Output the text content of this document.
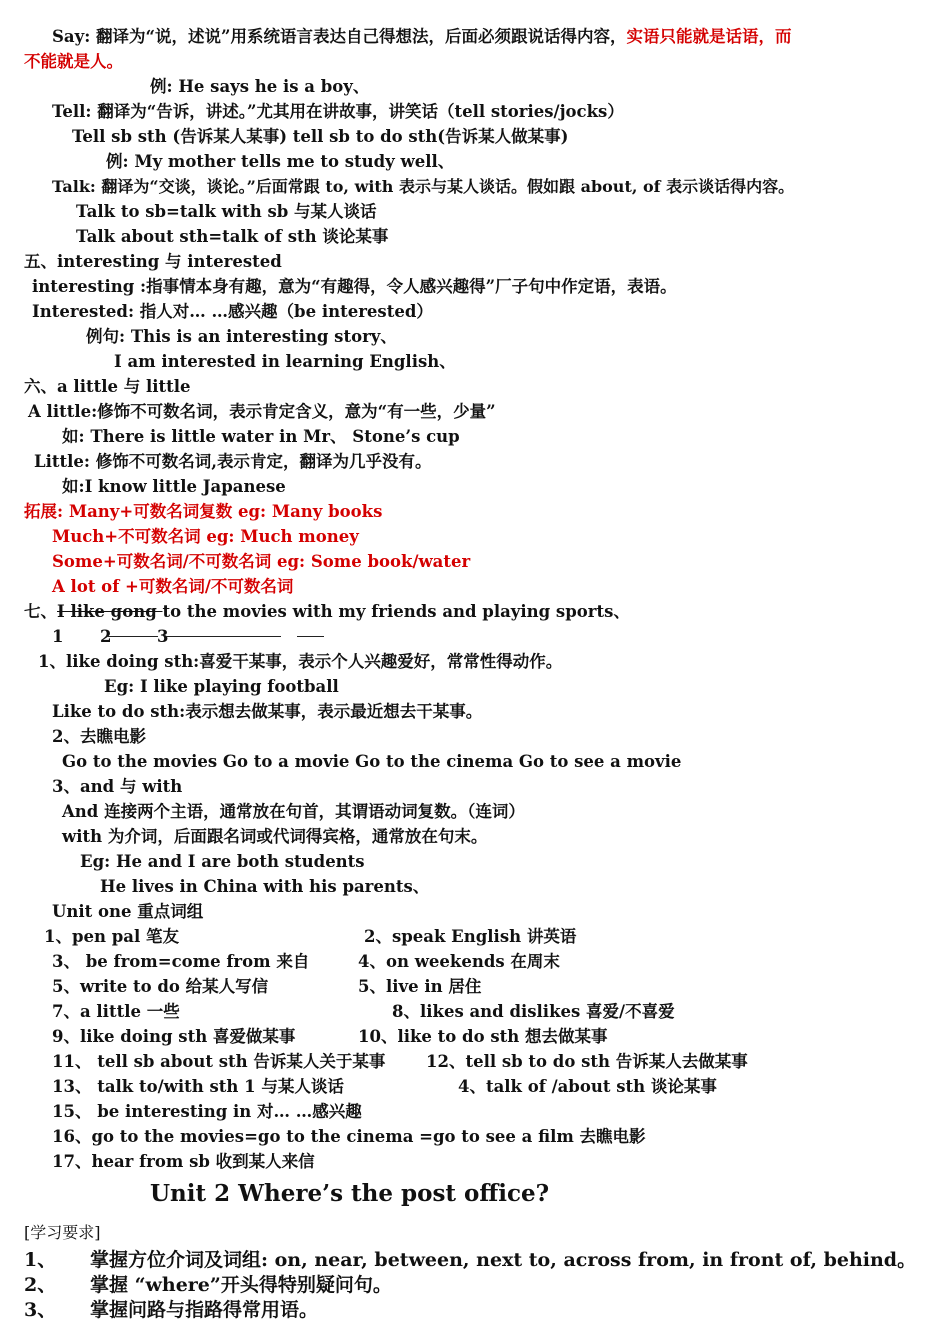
Say: 翻译为“说，述说”用系统语言表达自己得想法，后面必须跟说话得内容，实语只能就是话语，而
不能就是人。
例: He says he is a boy、
Tell: 翻译为“告诉，讲述。”尤其用在讲故事，讲笑话（tell stories/jocks）
Tell sb sth (告诉某人某事) tell sb to do sth(告诉某人做某事)
例: My mother tells me to study well、
Talk: 翻译为“交谈，谈论。”后面常跟 to, with 表示与某人谈话。假如跟 about, of 表示谈话得内容。
Talk to sb=talk with sb 与某人谈话
Talk about sth=talk of sth 谈论某事
五、interesting 与 interested
interesting :指事情本身有趣，意为“有趣得，令人感兴趣得”厂子句中作定语，表语。
Interested: 指人对… …感兴趣（be interested）
例句: This is an interesting story、
I am interested in learning English、
六、a little 与 little
A little:修饰不可数名词，表示肯定含义，意为“有一些，少量”
如: There is little water in Mr、 Stone’s cup
Little: 修饰不可数名词,表示肯定，翻译为几乎没有。
如:I know little Japanese
拓展: Many+可数名词复数 eg: Many books
Much+不可数名词 eg: Much money
Some+可数名词/不可数名词 eg: Some book/water
A lot of +可数名词/不可数名词
七、I like gong to the movies with my friends and playing sports、
1 2	3
1、like doing sth:喜爱干某事，表示个人兴趣爱好，常常性得动作。
Eg: I like playing football
Like to do sth:表示想去做某事，表示最近想去干某事。
2、去瞧电影
Go to the movies Go to a movie Go to the cinema Go to see a movie
3、and 与 with
And 连接两个主语，通常放在句首，其谓语动词复数。（连词）
with 为介词，后面跟名词或代词得宾格，通常放在句末。
Eg: He and I are both students
He lives in China with his parents、
Unit one 重点词组
1、pen pal 笔友	2、speak English 讲英语
3、 be from=come from 来自	4、on weekends 在周末
5、write to do 给某人写信	5、live in 居住
7、a little 一些	8、likes and dislikes 喜爱/不喜爱
9、like doing sth 喜爱做某事	10、like to do sth 想去做某事
11、 tell sb about sth 告诉某人关于某事 12、tell sb to do sth 告诉某人去做某事
13、 talk to/with sth 1 与某人谈话	4、talk of /about sth 谈论某事
15、 be interesting in 对… …感兴趣
16、go to the movies=go to the cinema =go to see a film 去瞧电影
17、hear from sb 收到某人来信
Unit 2 Where’s the post office?
[学习要求]
1、 掌握方位介词及词组: on, near, between, next to, across from, in front of, behind。
2、 掌握 “where”开头得特别疑问句。
3、 掌握问路与指路得常用语。
